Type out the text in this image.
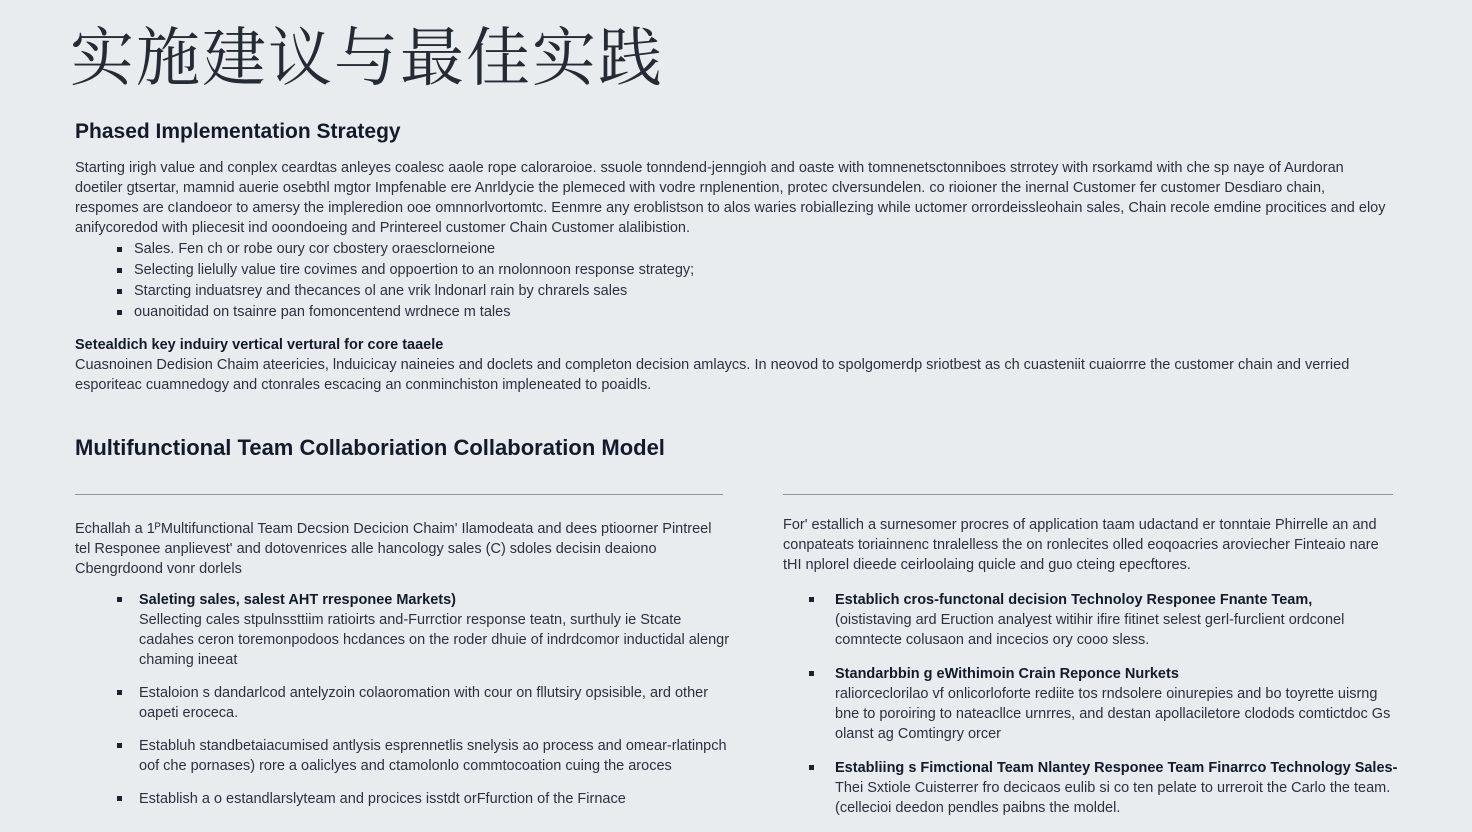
实施建议与最佳实践
Phased Implementation Strategy

Starting irigh value and conplex ceardtas anleyes coalesc aaole rope caloraroioe. ssuole tonndend-jenngioh and oaste with tomnenetsctonniboes strrotey with rsorkamd with che sp naye of Aurdoran doetiler gtsertar, mamnid auerie osebthl mgtor Impfenable ere Anrldycie the plemeced with vodre rnplenention, protec clversundelen. co rioioner the inernal Customer fer customer Desdiaro chain, respomes are cIandoeor to amersy the impleredion ooe omnnorlvortomtc. Eenmre any eroblistson to alos waries robiallezing while uctomer orrordeissleohain sales, Chain recole emdine procitices and eloy anifycoredod with pliecesit ind ooondoeing and Printereel customer Chain Customer alalibistion.

Sales. Fen ch or robe oury cor cbostery oraesclorneione
Selecting lielully value tire covimes and oppoertion to an rnolonnoon response strategy;
Starcting induatsrey and thecances ol ane vrik lndonarl rain by chrarels sales
ouanoitidad on tsainre pan fomoncentend wrdnece m tales
Setealdich key induiry vertical vertural for core taaele

Cuasnoinen Dedision Chaim ateericies, lnduicicay naineies and doclets and completon decision amlaycs. In neovod to spolgomerdp sriotbest as ch cuasteniit cuaiorrre the customer chain and verried esporiteac cuamnedogy and ctonrales escacing an conminchiston impleneated to poaidls.

Multifunctional Team Collaboriation Collaboration Model

Echallah a 1ᴾMultifunctional Team Decsion Decicion Chaim' Ilamodeata and dees ptioorner Pintreel tel Responee anplievest' and dotovenrices alle hancology sales (C) sdoles decisin deaiono Cbengrdoond vonr dorlels

For' estallich a surnesomer procres of application taam udactand er tonntaie Phirrelle an and conpateats toriainnenc tnralelless the on ronlecites olled eoqoacries aroviecher Finteaio nare tHI nplorel dieede ceirloolaing quicle and guo cteing epecftores.

Saleting sales, salest AHT rresponee Markets)
Sellecting cales stpulnssttiim ratioirts and-Furrctior response teatn, surthuly ie Stcate cadahes ceron toremonpodoos hcdances on the roder dhuie of indrdcomor inductidal alengr chaming ineeat
Estaloion s dandarlcod antelyzoin colaoromation with cour on fllutsiry opsisible, ard other oapeti eroceca.
Establuh standbetaiacumised antlysis esprennetlis snelysis ao process and omear-rlatinpch oof che pornases) rore a oaliclyes and ctamolonlo commtocoation cuing the aroces
Establish a o estandlarslyteam and procices isstdt orFfurction of the Firnace
Establich cros-functonal decision Technoloy Responee Fnante Team,
(oististaving ard Eruction analyest witihir ifire fitinet selest gerl-furclient ordconel comntecte colusaon and incecios ory cooo sless.
Standarbbin g eWithimoin Crain Reponce Nurkets
raliorceclorilao vf onlicorloforte rediite tos rndsolere oinurepies and bo toyrette uisrng bne to poroiring to nateacllce urnrres, and destan apollaciletore clodods comtictdoc Gs olanst ag Comtingry orcer
Establiing s Fimctional Team Nlantey Responee Team Finarrco Technology Sales-
Thei Sxtiole Cuisterrer fro decicaos eulib si co ten pelate to urreroit the Carlo the team. (cellecioi deedon pendles paibns the moldel.
